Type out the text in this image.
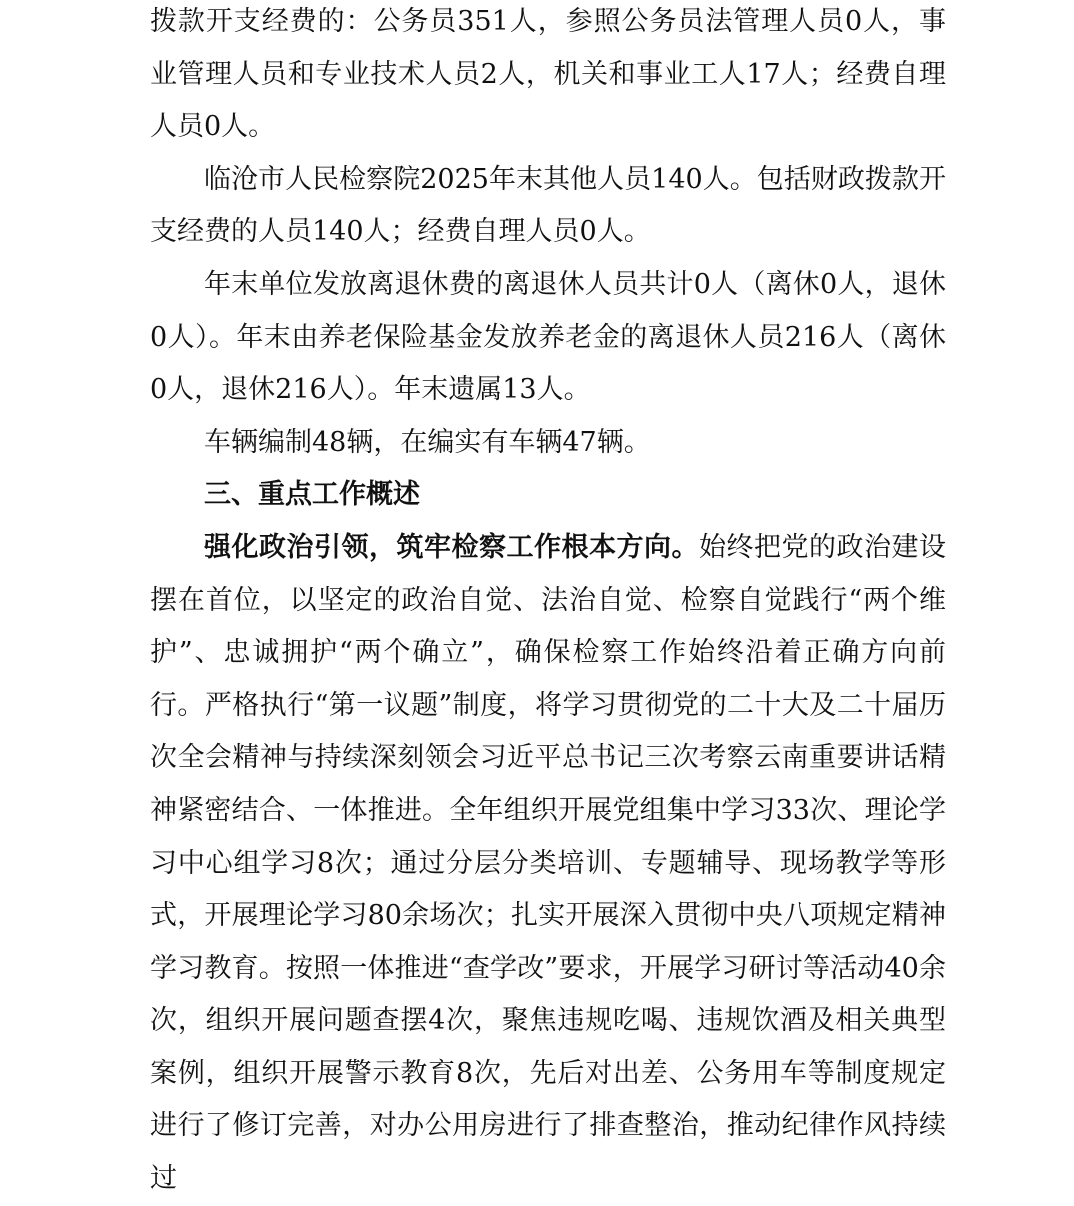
拨款开支经费的：公务员351人，参照公务员法管理人员0人，事业管理人员和专业技术人员2人，机关和事业工人17人；经费自理人员0人。

临沧市人民检察院2025年末其他人员140人。包括财政拨款开支经费的人员140人；经费自理人员0人。

年末单位发放离退休费的离退休人员共计0人（离休0人，退休0人）。年末由养老保险基金发放养老金的离退休人员216人（离休0人，退休216人）。年末遗属13人。

车辆编制48辆，在编实有车辆47辆。

三、重点工作概述

强化政治引领，筑牢检察工作根本方向。始终把党的政治建设摆在首位，以坚定的政治自觉、法治自觉、检察自觉践行“两个维护”、忠诚拥护“两个确立”，确保检察工作始终沿着正确方向前行。严格执行“第一议题”制度，将学习贯彻党的二十大及二十届历次全会精神与持续深刻领会习近平总书记三次考察云南重要讲话精神紧密结合、一体推进。全年组织开展党组集中学习33次、理论学习中心组学习8次；通过分层分类培训、专题辅导、现场教学等形式，开展理论学习80余场次；扎实开展深入贯彻中央八项规定精神学习教育。按照一体推进“查学改”要求，开展学习研讨等活动40余次，组织开展问题查摆4次，聚焦违规吃喝、违规饮酒及相关典型案例，组织开展警示教育8次，先后对出差、公务用车等制度规定进行了修订完善，对办公用房进行了排查整治，推动纪律作风持续过
